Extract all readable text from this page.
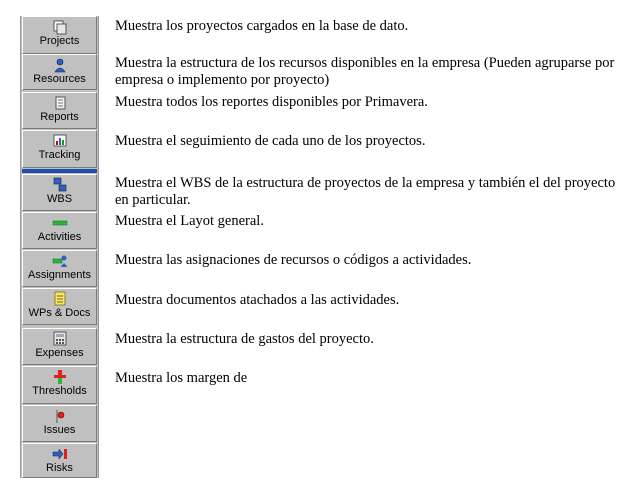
Projects
Resources
Reports
Tracking
WBS
Activities
Assignments
WPs & Docs
Expenses
Thresholds
Issues
Risks
Muestra los proyectos cargados en la base de dato.
Muestra la estructura de los recursos disponibles en la empresa (Pueden agruparse por empresa o implemento por proyecto)
Muestra todos los reportes disponibles por Primavera.
Muestra el seguimiento de cada uno de los proyectos.
Muestra el WBS de la estructura de proyectos de la empresa y también el del proyecto en particular.
Muestra el Layot general.
Muestra las asignaciones de recursos o códigos a actividades.
Muestra documentos atachados a las actividades.
Muestra la estructura de gastos del proyecto.
Muestra los margen de
